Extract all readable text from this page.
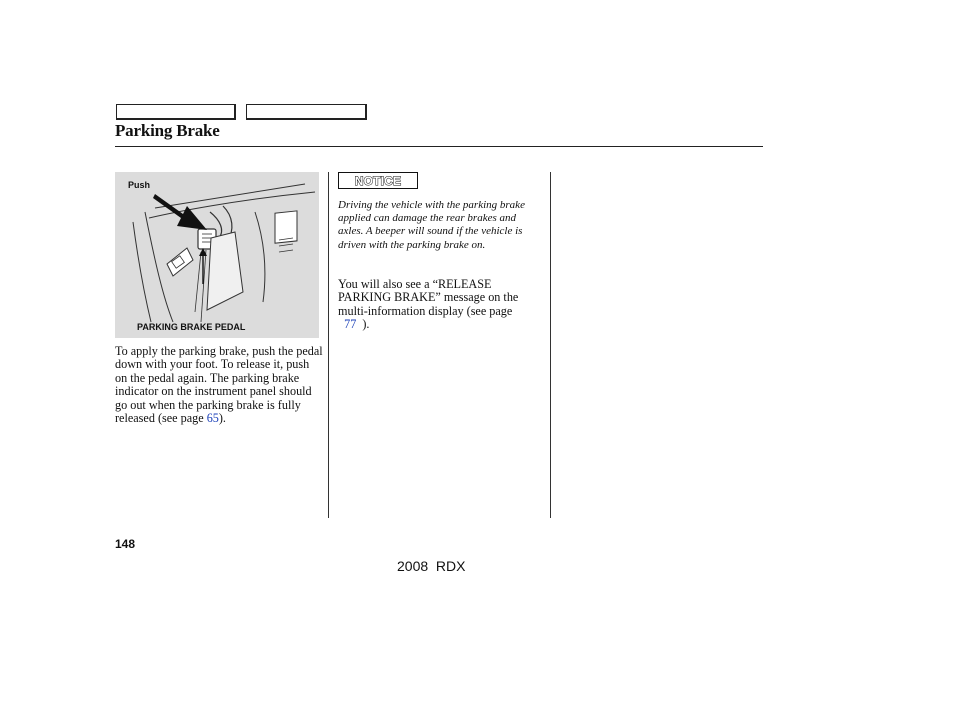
Parking Brake
Push
PARKING BRAKE PEDAL
To apply the parking brake, push the pedal down with your foot. To release it, push on the pedal again. The parking brake indicator on the instrument panel should go out when the parking brake is fully released (see page 65).
NOTICE
Driving the vehicle with the parking brake applied can damage the rear brakes and axles. A beeper will sound if the vehicle is driven with the parking brake on.
You will also see a “RELEASE PARKING BRAKE” message on the multi-information display (see page
77 ).
148
2008  RDX
